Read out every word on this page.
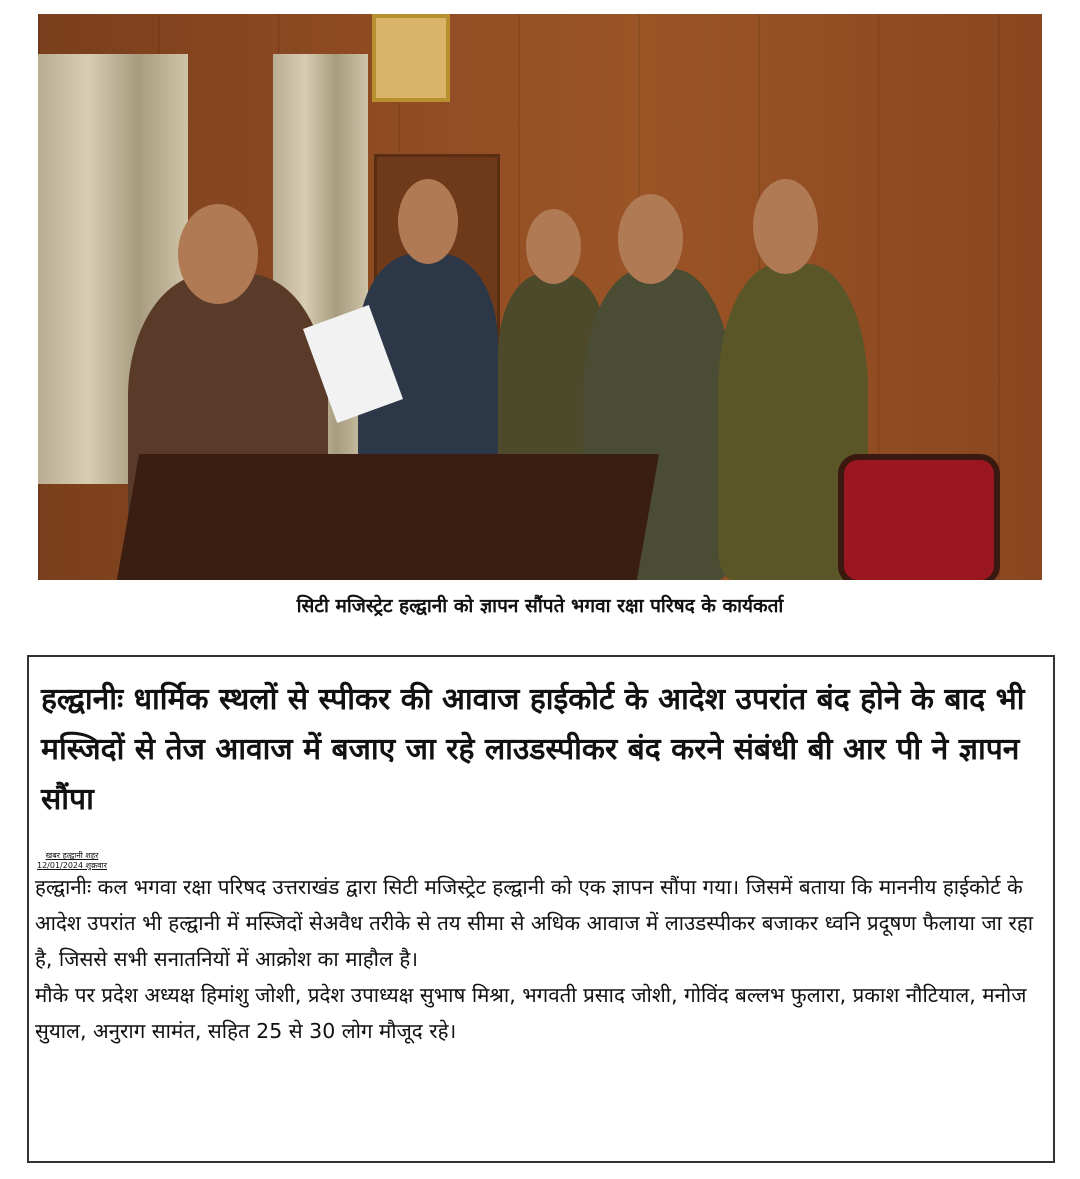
सिटी मजिस्ट्रेट हल्द्वानी को ज्ञापन सौंपते भगवा रक्षा परिषद के कार्यकर्ता
हल्द्वानीः धार्मिक स्थलों से स्पीकर की आवाज हाईकोर्ट के आदेश उपरांत बंद होने के बाद भी मस्जिदों से तेज आवाज में बजाए जा रहे लाउडस्पीकर बंद करने संबंधी बी आर पी ने ज्ञापन सौंपा
खबर हल्द्वानी शहर
12/01/2024 शुक्रवार

हल्द्वानीः कल भगवा रक्षा परिषद उत्तराखंड द्वारा सिटी मजिस्ट्रेट हल्द्वानी को एक ज्ञापन सौंपा गया। जिसमें बताया कि माननीय हाईकोर्ट के आदेश उपरांत भी हल्द्वानी में मस्जिदों सेअवैध तरीके से तय सीमा से अधिक आवाज में लाउडस्पीकर बजाकर ध्वनि प्रदूषण फैलाया जा रहा है, जिससे सभी सनातनियों में आक्रोश का माहौल है।

मौके पर प्रदेश अध्यक्ष हिमांशु जोशी, प्रदेश उपाध्यक्ष सुभाष मिश्रा, भगवती प्रसाद जोशी, गोविंद बल्लभ फुलारा, प्रकाश नौटियाल, मनोज सुयाल, अनुराग सामंत, सहित 25 से 30 लोग मौजूद रहे।
